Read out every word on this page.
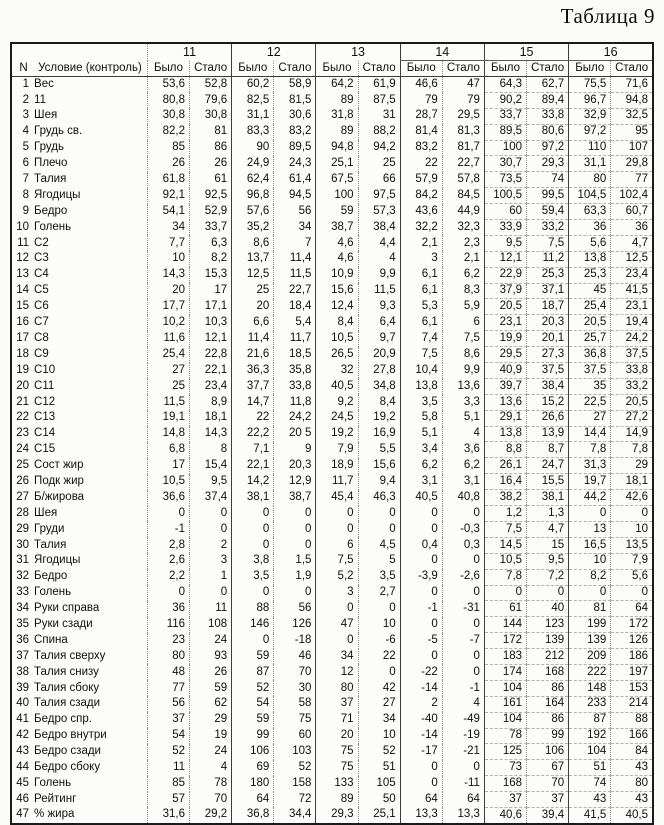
Таблица 9
		11		12		13		14		15		16	
N	Условие (контроль)	Было	Стало	Было	Стало	Было	Стало	Было	Стало	Было	Стало	Было	Стало
1	Вес	53,6	52,8	60,2	58,9	64,2	61,9	46,6	47	64,3	62,7	75,5	71,6
2	11	80,8	79,6	82,5	81,5	89	87,5	79	79	90,2	89,4	96,7	94,8
3	Шея	30,8	30,8	31,1	30,6	31,8	31	28,7	29,5	33,7	33,8	32,9	32,5
4	Грудь св.	82,2	81	83,3	83,2	89	88,2	81,4	81,3	89,5	80,6	97,2	95
5	Грудь	85	86	90	89,5	94,8	94,2	83,2	81,7	100	97,2	110	107
6	Плечо	26	26	24,9	24,3	25,1	25	22	22,7	30,7	29,3	31,1	29,8
7	Талия	61,8	61	62,4	61,4	67,5	66	57,9	57,8	73,5	74	80	77
8	Ягодицы	92,1	92,5	96,8	94,5	100	97,5	84,2	84,5	100,5	99,5	104,5	102,4
9	Бедро	54,1	52,9	57,6	56	59	57,3	43,6	44,9	60	59,4	63,3	60,7
10	Голень	34	33,7	35,2	34	38,7	38,4	32,2	32,3	33,9	33,2	36	36
11	С2	7,7	6,3	8,6	7	4,6	4,4	2,1	2,3	9,5	7,5	5,6	4,7
12	С3	10	8,2	13,7	11,4	4,6	4	3	2,1	12,1	11,2	13,8	12,5
13	С4	14,3	15,3	12,5	11,5	10,9	9,9	6,1	6,2	22,9	25,3	25,3	23,4
14	С5	20	17	25	22,7	15,6	11,5	6,1	8,3	37,9	37,1	45	41,5
15	С6	17,7	17,1	20	18,4	12,4	9,3	5,3	5,9	20,5	18,7	25,4	23,1
16	С7	10,2	10,3	6,6	5,4	8,4	6,4	6,1	6	23,1	20,3	20,5	19,4
17	С8	11,6	12,1	11,4	11,7	10,5	9,7	7,4	7,5	19,9	20,1	25,7	24,2
18	С9	25,4	22,8	21,6	18,5	26,5	20,9	7,5	8,6	29,5	27,3	36,8	37,5
19	С10	27	22,1	36,3	35,8	32	27,8	10,4	9,9	40,9	37,5	37,5	33,8
20	С11	25	23,4	37,7	33,8	40,5	34,8	13,8	13,6	39,7	38,4	35	33,2
21	С12	11,5	8,9	14,7	11,8	9,2	8,4	3,5	3,3	13,6	15,2	22,5	20,5
22	С13	19,1	18,1	22	24,2	24,5	19,2	5,8	5,1	29,1	26,6	27	27,2
23	С14	14,8	14,3	22,2	20 5	19,2	16,9	5,1	4	13,8	13,9	14,4	14,9
24	С15	6,8	8	7,1	9	7,9	5,5	3,4	3,6	8,8	8,7	7,8	7,8
25	Сост жир	17	15,4	22,1	20,3	18,9	15,6	6,2	6,2	26,1	24,7	31,3	29
26	Подк жир	10,5	9,5	14,2	12,9	11,7	9,4	3,1	3,1	16,4	15,5	19,7	18,1
27	Б/жирова	36,6	37,4	38,1	38,7	45,4	46,3	40,5	40,8	38,2	38,1	44,2	42,6
28	Шея	0	0	0	0	0	0	0	0	1,2	1,3	0	0
29	Груди	-1	0	0	0	0	0	0	-0,3	7,5	4,7	13	10
30	Талия	2,8	2	0	0	6	4,5	0,4	0,3	14,5	15	16,5	13,5
31	Ягодицы	2,6	3	3,8	1,5	7,5	5	0	0	10,5	9,5	10	7,9
32	Бедро	2,2	1	3,5	1,9	5,2	3,5	-3,9	-2,6	7,8	7,2	8,2	5,6
33	Голень	0	0	0	0	3	2,7	0	0	0	0	0	0
34	Руки справа	36	11	88	56	0	0	-1	-31	61	40	81	64
35	Руки сзади	116	108	146	126	47	10	0	0	144	123	199	172
36	Спина	23	24	0	-18	0	-6	-5	-7	172	139	139	126
37	Талия сверху	80	93	59	46	34	22	0	0	183	212	209	186
38	Талия снизу	48	26	87	70	12	0	-22	0	174	168	222	197
39	Талия сбоку	77	59	52	30	80	42	-14	-1	104	86	148	153
40	Талия сзади	56	62	54	58	37	27	2	4	161	164	233	214
41	Бедро спр.	37	29	59	75	71	34	-40	-49	104	86	87	88
42	Бедро внутри	54	19	99	60	20	10	-14	-19	78	99	192	166
43	Бедро сзади	52	24	106	103	75	52	-17	-21	125	106	104	84
44	Бедро сбоку	11	4	69	52	75	51	0	0	73	67	51	43
45	Голень	85	78	180	158	133	105	0	-11	168	70	74	80
46	Рейтинг	57	70	64	72	89	50	64	64	37	37	43	43
47	% жира	31,6	29,2	36,8	34,4	29,3	25,1	13,3	13,3	40,6	39,4	41,5	40,5
